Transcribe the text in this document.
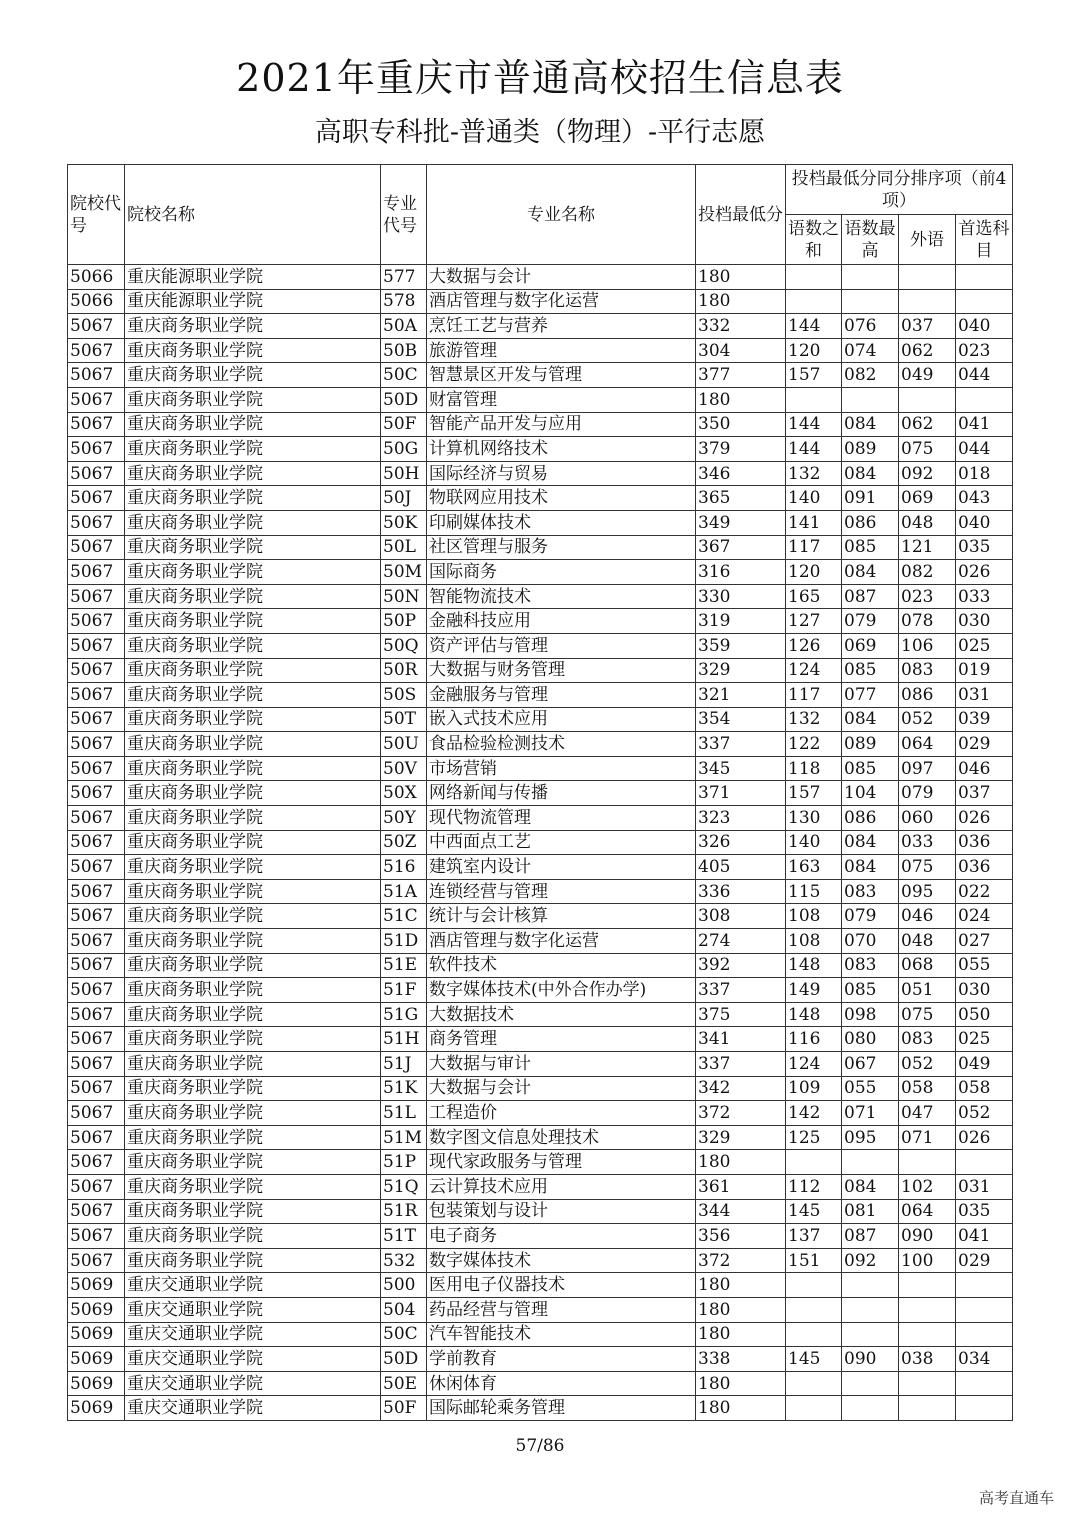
2021年重庆市普通高校招生信息表
高职专科批-普通类（物理）-平行志愿
院校代号	院校名称	专业代号	专业名称	投档最低分	投档最低分同分排序项（前4项）			
					语数之和	语数最高	外语	首选科目
5066	重庆能源职业学院	577	大数据与会计	180				
5066	重庆能源职业学院	578	酒店管理与数字化运营	180				
5067	重庆商务职业学院	50A	烹饪工艺与营养	332	144	076	037	040
5067	重庆商务职业学院	50B	旅游管理	304	120	074	062	023
5067	重庆商务职业学院	50C	智慧景区开发与管理	377	157	082	049	044
5067	重庆商务职业学院	50D	财富管理	180				
5067	重庆商务职业学院	50F	智能产品开发与应用	350	144	084	062	041
5067	重庆商务职业学院	50G	计算机网络技术	379	144	089	075	044
5067	重庆商务职业学院	50H	国际经济与贸易	346	132	084	092	018
5067	重庆商务职业学院	50J	物联网应用技术	365	140	091	069	043
5067	重庆商务职业学院	50K	印刷媒体技术	349	141	086	048	040
5067	重庆商务职业学院	50L	社区管理与服务	367	117	085	121	035
5067	重庆商务职业学院	50M	国际商务	316	120	084	082	026
5067	重庆商务职业学院	50N	智能物流技术	330	165	087	023	033
5067	重庆商务职业学院	50P	金融科技应用	319	127	079	078	030
5067	重庆商务职业学院	50Q	资产评估与管理	359	126	069	106	025
5067	重庆商务职业学院	50R	大数据与财务管理	329	124	085	083	019
5067	重庆商务职业学院	50S	金融服务与管理	321	117	077	086	031
5067	重庆商务职业学院	50T	嵌入式技术应用	354	132	084	052	039
5067	重庆商务职业学院	50U	食品检验检测技术	337	122	089	064	029
5067	重庆商务职业学院	50V	市场营销	345	118	085	097	046
5067	重庆商务职业学院	50X	网络新闻与传播	371	157	104	079	037
5067	重庆商务职业学院	50Y	现代物流管理	323	130	086	060	026
5067	重庆商务职业学院	50Z	中西面点工艺	326	140	084	033	036
5067	重庆商务职业学院	516	建筑室内设计	405	163	084	075	036
5067	重庆商务职业学院	51A	连锁经营与管理	336	115	083	095	022
5067	重庆商务职业学院	51C	统计与会计核算	308	108	079	046	024
5067	重庆商务职业学院	51D	酒店管理与数字化运营	274	108	070	048	027
5067	重庆商务职业学院	51E	软件技术	392	148	083	068	055
5067	重庆商务职业学院	51F	数字媒体技术(中外合作办学)	337	149	085	051	030
5067	重庆商务职业学院	51G	大数据技术	375	148	098	075	050
5067	重庆商务职业学院	51H	商务管理	341	116	080	083	025
5067	重庆商务职业学院	51J	大数据与审计	337	124	067	052	049
5067	重庆商务职业学院	51K	大数据与会计	342	109	055	058	058
5067	重庆商务职业学院	51L	工程造价	372	142	071	047	052
5067	重庆商务职业学院	51M	数字图文信息处理技术	329	125	095	071	026
5067	重庆商务职业学院	51P	现代家政服务与管理	180				
5067	重庆商务职业学院	51Q	云计算技术应用	361	112	084	102	031
5067	重庆商务职业学院	51R	包装策划与设计	344	145	081	064	035
5067	重庆商务职业学院	51T	电子商务	356	137	087	090	041
5067	重庆商务职业学院	532	数字媒体技术	372	151	092	100	029
5069	重庆交通职业学院	500	医用电子仪器技术	180				
5069	重庆交通职业学院	504	药品经营与管理	180				
5069	重庆交通职业学院	50C	汽车智能技术	180				
5069	重庆交通职业学院	50D	学前教育	338	145	090	038	034
5069	重庆交通职业学院	50E	休闲体育	180				
5069	重庆交通职业学院	50F	国际邮轮乘务管理	180				
57/86
高考直通车
